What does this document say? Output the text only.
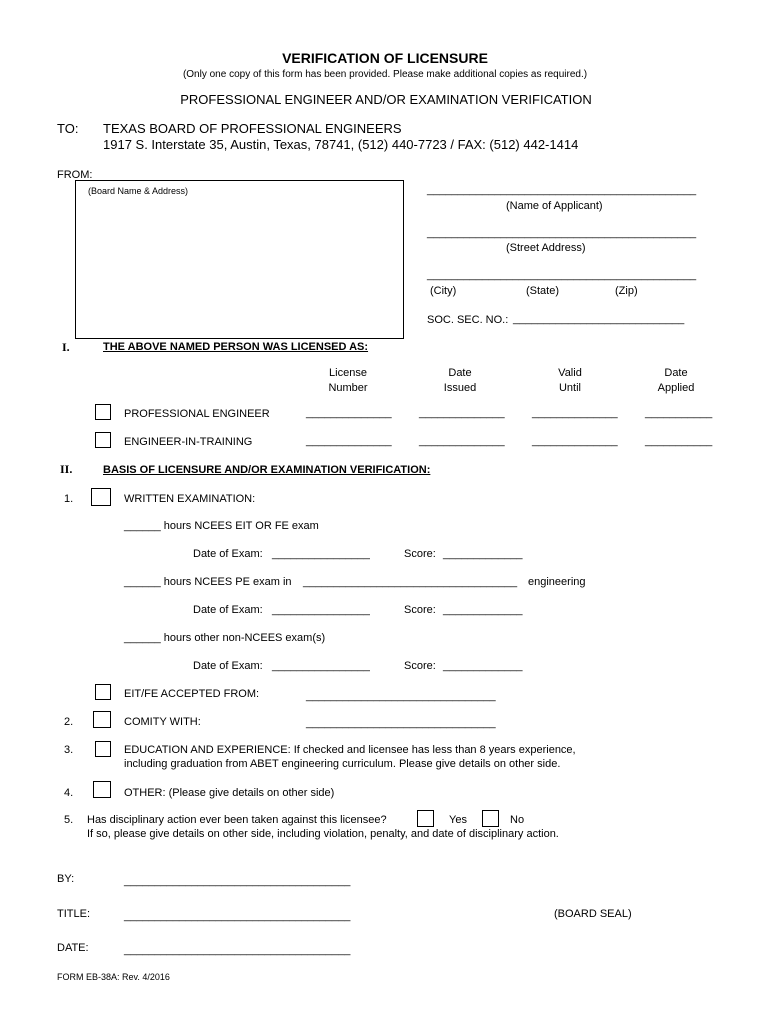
VERIFICATION OF LICENSURE
(Only one copy of this form has been provided. Please make additional copies as required.)
PROFESSIONAL ENGINEER AND/OR EXAMINATION VERIFICATION
TO: TEXAS BOARD OF PROFESSIONAL ENGINEERS
1917 S. Interstate 35, Austin, Texas, 78741, (512) 440-7723 / FAX: (512) 442-1414
FROM:
(Board Name & Address)	____________________________________________
(Name of Applicant)
____________________________________________
(Street Address)
____________________________________________
(City)	(State)	(Zip)
SOC. SEC. NO.: ____________________________
I.	THE ABOVE NAMED PERSON WAS LICENSED AS:
License
Number
Date
Issued
Valid
Until
Date
Applied
PROFESSIONAL ENGINEER	______________ ______________ ______________ ___________
ENGINEER-IN-TRAINING	______________ ______________ ______________ ___________
II.	BASIS OF LICENSURE AND/OR EXAMINATION VERIFICATION:
1.	WRITTEN EXAMINATION:
______ hours NCEES EIT OR FE exam
Date of Exam: ________________	Score: _____________
______ hours NCEES PE exam in ___________________________________ engineering
Date of Exam: ________________	Score: _____________
______ hours other non-NCEES exam(s)
Date of Exam: ________________	Score: _____________
EIT/FE ACCEPTED FROM:	_______________________________
2.	COMITY WITH:	_______________________________
3.	EDUCATION AND EXPERIENCE: If checked and licensee has less than 8 years experience,
including graduation from ABET engineering curriculum. Please give details on other side.
4.	OTHER: (Please give details on other side)
5. Has disciplinary action ever been taken against this licensee?	Yes	No
If so, please give details on other side, including violation, penalty, and date of disciplinary action.
BY:	_____________________________________
TITLE:	_____________________________________	(BOARD SEAL)
DATE:	_____________________________________
FORM EB-38A: Rev. 4/2016
